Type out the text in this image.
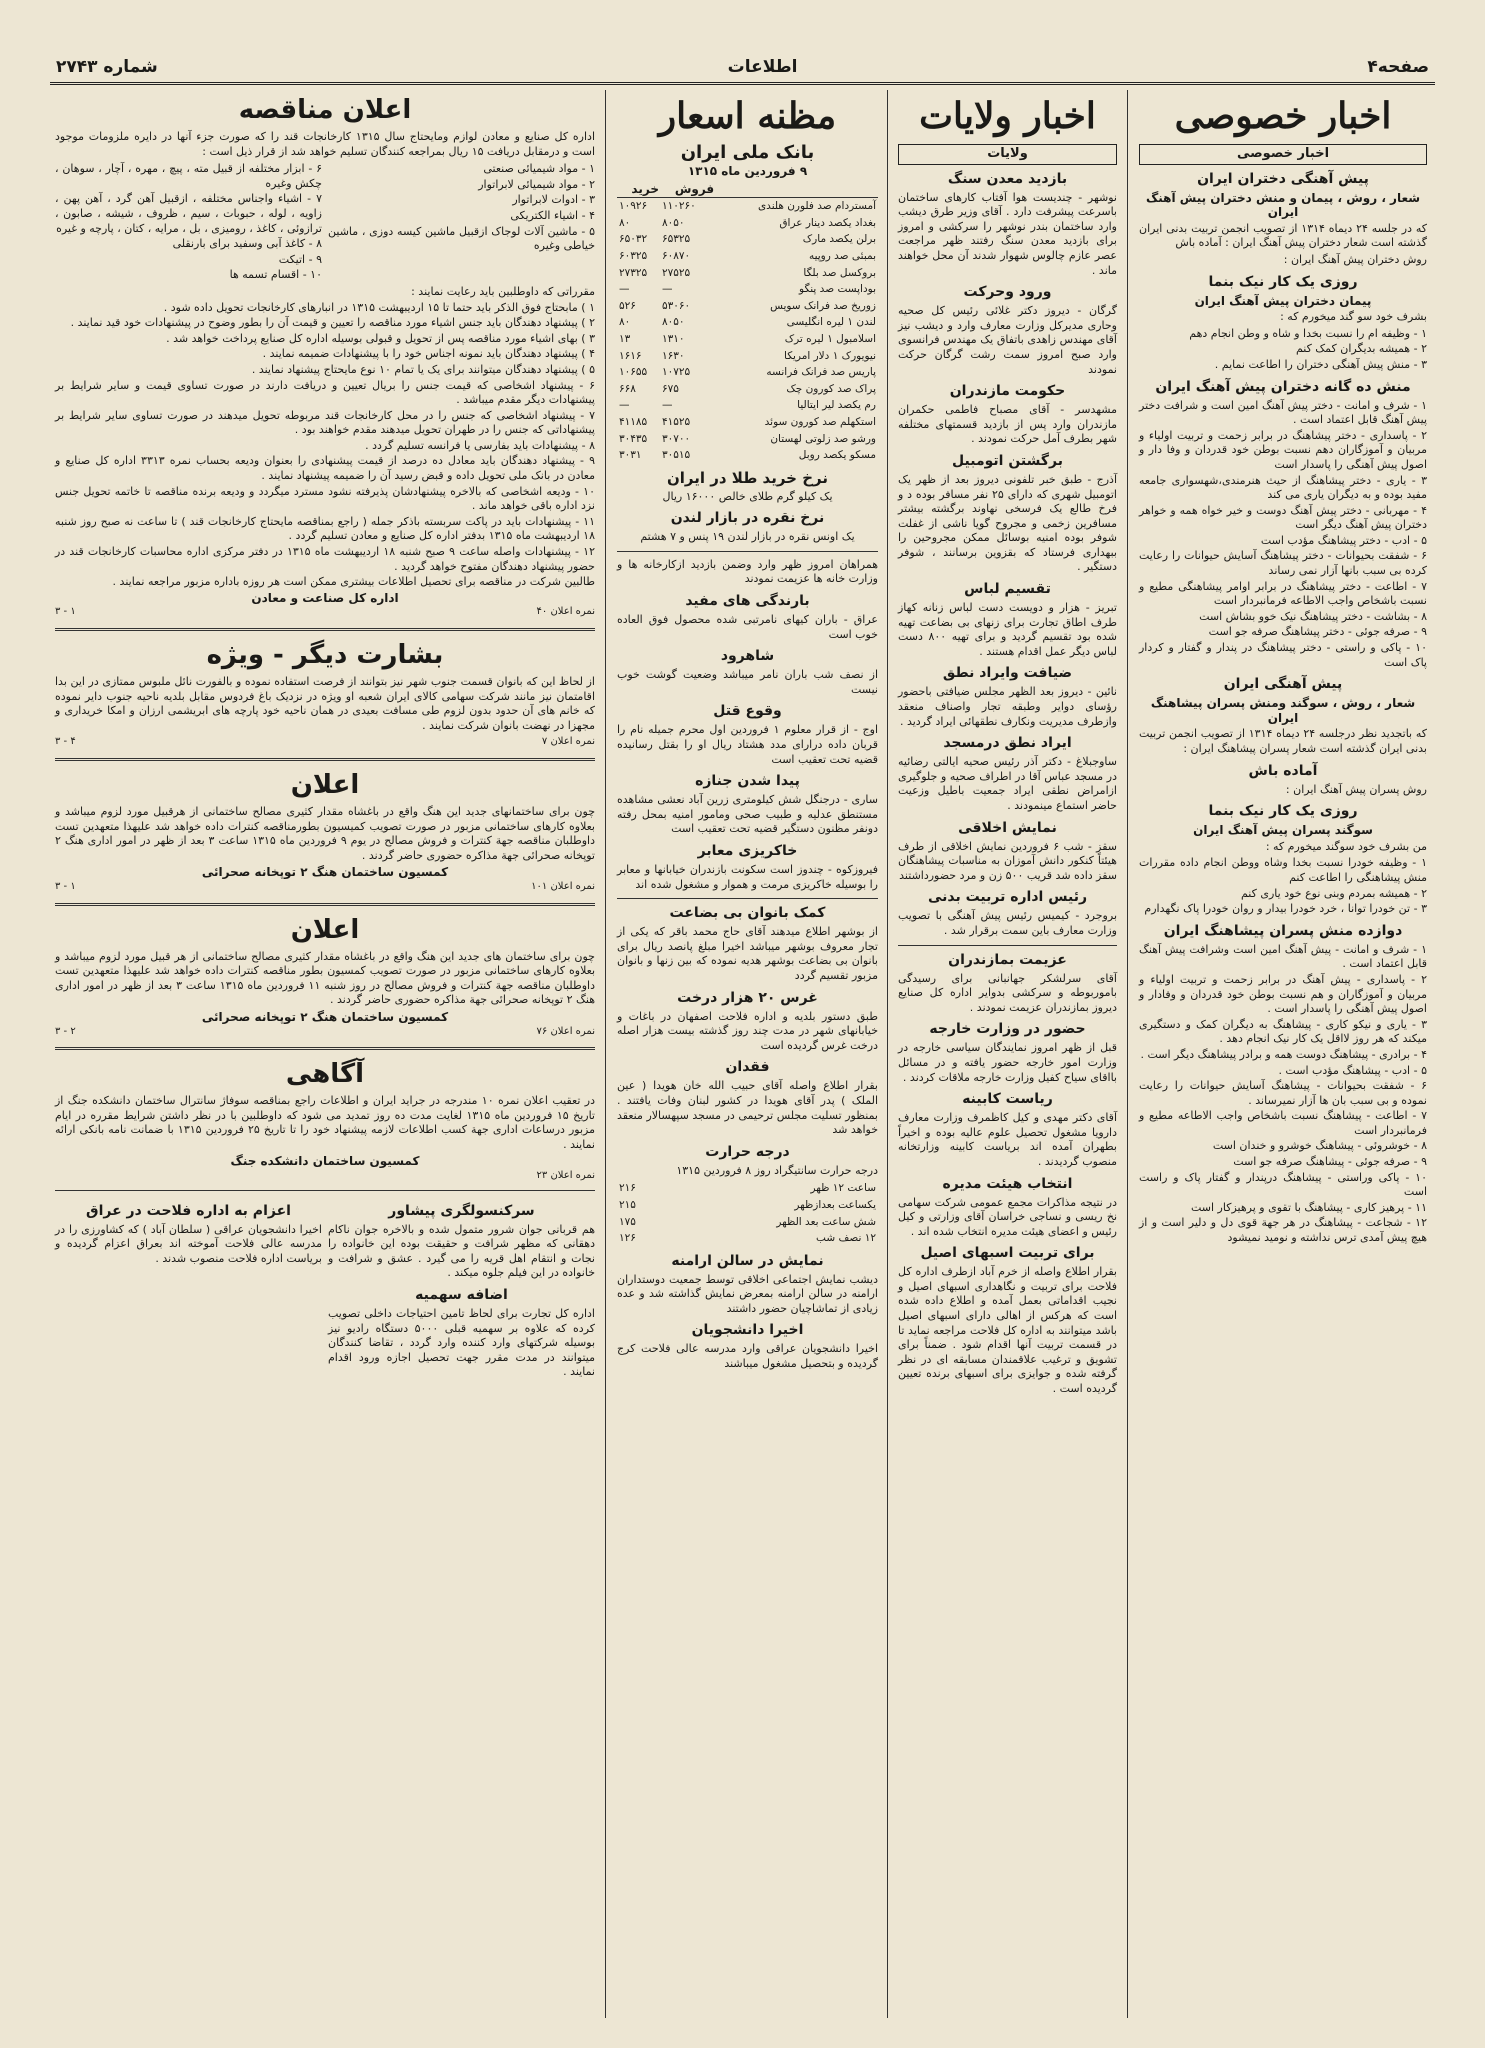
صفحه۴
اطلاعات
شماره ۲۷۴۳
اخبار خصوصی
اخبار خصوصی
پیش آهنگی دختران ایران
شعار ، روش ، پیمان و منش دختران پیش آهنگ ایران

که در جلسه ۲۴ دیماه ۱۳۱۴ از تصویب انجمن تربیت بدنی ایران گذشته است شعار دختران پیش آهنگ ایران : آماده باش

روش دختران پیش آهنگ ایران :

روزی یک کار نیک بنما
پیمان دختران پیش آهنگ ایران

بشرف خود سو گند میخورم که :

۱ - وظیفه ام را نسبت بخدا و شاه و وطن انجام دهم

۲ - همیشه بدیگران کمک کنم

۳ - منش پیش آهنگی دختران را اطاعت نمایم .

منش ده گانه دختران پیش آهنگ ایران

۱ - شرف و امانت - دختر پیش آهنگ امین است و شرافت دختر پیش آهنگ قابل اعتماد است .

۲ - پاسداری - دختر پیشاهنگ در برابر زحمت و تربیت اولیاء و مربیان و آموزگاران دهم نسبت بوطن خود قدردان و وفا دار و اصول پیش آهنگی را پاسدار است

۳ - یاری - دختر پیشاهنگ از حیث هنرمندی،شهسواری جامعه مفید بوده و به دیگران یاری می کند

۴ - مهربانی - دختر پیش آهنگ دوست و خیر خواه همه و خواهر دختران پیش آهنگ دیگر است

۵ - ادب - دختر پیشاهنگ مؤدب است

۶ - شفقت بحیوانات - دختر پیشاهنگ آسایش حیوانات را رعایت کرده بی سبب بانها آزار نمی رساند

۷ - اطاعت - دختر پیشاهنگ در برابر اوامر پیشاهنگی مطیع و نسبت باشخاص واجب الاطاعه فرمانبردار است

۸ - بشاشت - دختر پیشاهنگ نیک خوو بشاش است

۹ - صرفه جوئی - دختر پیشاهنگ صرفه جو است

۱۰ - پاکی و راستی - دختر پیشاهنگ در پندار و گفتار و کردار پاک است

پیش آهنگی ایران
شعار ، روش ، سوگند ومنش پسران پیشاهنگ ایران

که باتجدید نظر درجلسه ۲۴ دیماه ۱۳۱۴ از تصویب انجمن تربیت بدنی ایران گذشته است شعار پسران پیشاهنگ ایران :

آماده باش

روش پسران پیش آهنگ ایران :

روزی یک کار نیک بنما
سوگند پسران پیش آهنگ ایران

من بشرف خود سوگند میخورم که :

۱ - وظیفه خودرا نسبت بخدا وشاه ووطن انجام داده مقررات منش پیشاهنگی را اطاعت کنم

۲ - همیشه بمردم وبنی نوع خود یاری کنم

۳ - تن خودرا توانا ، خرد خودرا بیدار و روان خودرا پاک نگهدارم

دوازده منش پسران پیشاهنگ ایران

۱ - شرف و امانت - پیش آهنگ امین است وشرافت پیش آهنگ قابل اعتماد است .

۲ - پاسداری - پیش آهنگ در برابر زحمت و تربیت اولیاء و مربیان و آموزگاران و هم نسبت بوطن خود قدردان و وفادار و اصول پیش آهنگی را پاسدار است .

۳ - یاری و نیکو کاری - پیشاهنگ به دیگران کمک و دستگیری میکند که هر روز لااقل یک کار نیک انجام دهد .

۴ - برادری - پیشاهنگ دوست همه و برادر پیشاهنگ دیگر است .

۵ - ادب - پیشاهنگ مؤدب است .

۶ - شفقت بحیوانات - پیشاهنگ آسایش حیوانات را رعایت نموده و بی سبب بان ها آزار نمیرساند .

۷ - اطاعت - پیشاهنگ نسبت باشخاص واجب الاطاعه مطیع و فرمانبردار است

۸ - خوشروئی - پیشاهنگ خوشرو و خندان است

۹ - صرفه جوئی - پیشاهنگ صرفه جو است

۱۰ - پاکی وراستی - پیشاهنگ درپندار و گفتار پاک و راست است

۱۱ - پرهیز کاری - پیشاهنگ با تقوی و پرهیزکار است

۱۲ - شجاعت - پیشاهنگ در هر جهة قوی دل و دلیر است و از هیچ پیش آمدی ترس نداشته و نومید نمیشود

اخبار ولایات
ولایات
بازدید معدن سنگ

نوشهر - چندیست هوا آفتاب کارهای ساختمان باسرعت پیشرفت دارد . آقای وزیر طرق دیشب وارد ساختمان بندر نوشهر را سرکشی و امروز برای بازدید معدن سنگ رفتند ظهر مراجعت عصر عازم چالوس شهوار شدند آن محل خواهند ماند .

ورود وحرکت

گرگان - دیروز دکتر غلائی رئیس کل صحیه وحاری مدیرکل وزارت معارف وارد و دیشب نیز آقای مهندس زاهدی باتفاق یک مهندس فرانسوی وارد صبح امروز سمت رشت گرگان حرکت نمودند

حکومت مازندران

مشهدسر - آقای مصباح فاطمی حکمران مازندران وارد پس از بازدید قسمتهای مختلفه شهر بطرف آمل حرکت نمودند .

برگشتن اتومبیل

آذرج - طبق خبر تلفونی دیروز بعد از ظهر یک اتومبیل شهری که دارای ۲۵ نفر مسافر بوده د و فرخ طالع یک فرسخی نهاوند برگشته بیشتر مسافرین زخمی و مجروح گویا ناشی از غفلت شوفر بوده امنیه بوسائل ممکن مجروحین را ببهداری فرستاد که بقزوین برسانند ، شوفر دستگیر .

تقسیم لباس

تبریز - هزار و دویست دست لباس زنانه کهاز طرف اطاق تجارت برای زنهای بی بضاعت تهیه شده بود تقسیم گردید و برای تهیه ۸۰۰ دست لباس دیگر عمل اقدام هستند .

ضیافت وایراد نطق

نائین - دیروز بعد الظهر مجلس ضیافتی باحضور رؤسای دوایر وطبقه تجار واصناف منعقد وازطرف مدیریت ونکارف نطقهائی ایراد گردید .

ایراد نطق درمسجد

ساوجبلاغ - دکتر آذر رئیس صحیه ایالتی رضائیه در مسجد عباس آقا در اطراف صحیه و جلوگیری ازامراض نطقی ایراد جمعیت باطیل وزعیت حاضر استماع مینمودند .

نمایش اخلاقی

سقز - شب ۶ فروردین نمایش اخلاقی از طرف هیئتاً کنکور دانش آموزان به مناسبات پیشاهنگان سقز داده شد قریب ۵۰۰ زن و مرد حضورداشتند

رئیس اداره تربیت بدنی

بروجرد - کیمیس رئیس پیش آهنگی با تصویب وزارت معارف باین سمت برقرار شد .

عزیمت بمازندران

آقای سرلشکر جهانبانی برای رسیدگی باموربوطه و سرکشی بدوایر اداره کل صنایع دیروز بمازندران عزیمت نمودند .

حضور در وزارت خارجه

قبل از ظهر امروز نمایندگان سیاسی خارجه در وزارت امور خارجه حضور یافته و در مسائل بااقای سیاح کفیل وزارت خارجه ملاقات کردند .

ریاست کابینه

آقای دکتر مهدی و کیل کاظمرف وزارت معارف دارویا مشغول تحصیل علوم عالیه بوده و اخیراً بطهران آمده اند بریاست کابینه وزارتخانه منصوب گردیدند .

انتخاب هیئت مدیره

در نتیجه مذاکرات مجمع عمومی شرکت سهامی نخ ریسی و نساجی خراسان آقای وزارتی و کیل رئیس و اعضای هیئت مدیره انتخاب شده اند .

برای تربیت اسبهای اصیل

بقرار اطلاع واصله از خرم آباد ازطرف اداره کل فلاحت برای تربیت و نگاهداری اسبهای اصیل و نجیب اقداماتی بعمل آمده و اطلاع داده شده است که هرکس از اهالی دارای اسبهای اصیل باشد میتوانند به اداره کل فلاحت مراجعه نماید تا در قسمت تربیت آنها اقدام شود . ضمناً برای تشویق و ترغیب علاقمندان مسابقه ای در نظر گرفته شده و جوایزی برای اسبهای برنده تعیین گردیده است .

مظنه اسعار
بانک ملی ایران
۹ فروردین ماه ۱۳۱۵
	فروش	خرید
آمستردام صد فلورن هلندی	۱۱۰۲۶۰	۱۰۹۲۶
بغداد یکصد دینار عراق	۸۰۵۰	۸۰
برلن یکصد مارک	۶۵۳۲۵	۶۵۰۳۲
بمبئی صد روپیه	۶۰۸۷۰	۶۰۳۲۵
بروکسل صد بلگا	۲۷۵۲۵	۲۷۳۲۵
بوداپست صد پنگو	—	—
زوریخ صد فرانک سویس	۵۳۰۶۰	۵۲۶
لندن ۱ لیره انگلیسی	۸۰۵۰	۸۰
اسلامبول ۱ لیره ترک	۱۳۱۰	۱۳
نیویورک ۱ دلار امریکا	۱۶۳۰	۱۶۱۶
پاریس صد فرانک فرانسه	۱۰۷۲۵	۱۰۶۵۵
پراک صد کورون چک	۶۷۵	۶۶۸
رم یکصد لیر ایتالیا	—	—
استکهلم صد کورون سوئد	۴۱۵۲۵	۴۱۱۸۵
ورشو صد زلوتی لهستان	۳۰۷۰۰	۳۰۴۳۵
مسکو یکصد روبل	۳۰۵۱۵	۳۰۳۱
نرخ خرید طلا در ایران

یک کیلو گرم طلای خالص ۱۶۰۰۰ ریال

نرخ نقره در بازار لندن

یک اونس نقره در بازار لندن ۱۹ پنس و ۷ هشتم

همراهان امروز ظهر وارد وضمن بازدید ازکارخانه ها و وزارت خانه ها عزیمت نمودند

بارندگی های مفید

عراق - باران کیهای نامرتبی شده محصول فوق العاده خوب است

شاهرود

از نصف شب باران نامر میباشد وضعیت گوشت خوب نیست

وقوع قتل

اوج - از قرار معلوم ۱ فروردین اول محرم جمیله نام را قربان داده درارای مدد هشتاد ریال او را بقتل رسانیده قضیه تحت تعقیب است

پیدا شدن جنازه

ساری - درجنگل شش کیلومتری زرین آباد نعشی مشاهده مستنطق عدلیه و طبیب صحی ومامور امنیه بمحل رفته دونفر مظنون دستگیر قضیه تحت تعقیب است

خاکریزی معابر

فیروزکوه - چندوز است سکونت بازندران خیابانها و معابر را بوسیله خاکریزی مرمت و هموار و مشغول شده اند

کمک بانوان بی بضاعت

از بوشهر اطلاع میدهند آقای حاج محمد باقر که یکی از تجار معروف بوشهر میباشد اخیرا مبلغ پانصد ریال برای بانوان بی بضاعت بوشهر هدیه نموده که بین زنها و بانوان مزبور تقسیم گردد

غرس ۲۰ هزار درخت

طبق دستور بلدیه و اداره فلاحت اصفهان در باغات و خیابانهای شهر در مدت چند روز گذشته بیست هزار اصله درخت غرس گردیده است

فقدان

بقرار اطلاع واصله آقای حبیب الله خان هویدا ( عین الملک ) پدر آقای هویدا در کشور لبنان وفات یافتند . بمنظور تسلیت مجلس ترحیمی در مسجد سپهسالار منعقد خواهد شد

درجه حرارت

درجه حرارت سانتیگراد روز ۸ فروردین ۱۳۱۵

ساعت ۱۲ ظهر	۲۱۶
یکساعت بعدازظهر	۲۱۵
شش ساعت بعد الظهر	۱۷۵
۱۲ نصف شب	۱۲۶
نمایش در سالن ارامنه

دیشب نمایش اجتماعی اخلاقی توسط جمعیت دوستداران ارامنه در سالن ارامنه بمعرض نمایش گذاشته شد و عده زیادی از تماشاچیان حضور داشتند

اخیرا دانشجویان

اخیرا دانشجویان عراقی وارد مدرسه عالی فلاحت کرج گردیده و بتحصیل مشغول میباشند

اعلان مناقصه

اداره کل صنایع و معادن لوازم ومایحتاج سال ۱۳۱۵ کارخانجات قند را که صورت جزء آنها در دایره ملزومات موجود است و درمقابل دریافت ۱۵ ریال بمراجعه کنندگان تسلیم خواهد شد از قرار ذیل است :

۱ - مواد شیمیائی صنعتی

۲ - مواد شیمیائی لابراتوار

۳ - ادوات لابراتوار

۴ - اشیاء الکتریکی

۵ - ماشین آلات لوجاک ازقبیل ماشین کیسه دوزی ، ماشین خیاطی وغیره

۶ - ابزار مختلفه از قبیل مته ، پیچ ، مهره ، آچار ، سوهان ، چکش وغیره

۷ - اشیاء واجناس مختلفه ، ازقبیل آهن گرد ، آهن پهن ، زاویه ، لوله ، حبوبات ، سیم ، ظروف ، شیشه ، صابون ، ترازوئی ، کاغذ ، رومیزی ، بل ، مرایه ، کتان ، پارچه و غیره

۸ - کاغذ آبی وسفید برای بارنقلی

۹ - اتیکت

۱۰ - اقسام تسمه ها

مقرراتی که داوطلبین باید رعایت نمایند :

۱ ) مابحتاج فوق الذکر باید حتما تا ۱۵ اردیبهشت ۱۳۱۵ در انبارهای کارخانجات تحویل داده شود .

۲ ) پیشنهاد دهندگان باید جنس اشیاء مورد مناقصه را تعیین و قیمت آن را بطور وضوح در پیشنهادات خود قید نمایند .

۳ ) بهای اشیاء مورد مناقصه پس از تحویل و قبولی بوسیله اداره کل صنایع پرداخت خواهد شد .

۴ ) پیشنهاد دهندگان باید نمونه اجناس خود را با پیشنهادات ضمیمه نمایند .

۵ ) پیشنهاد دهندگان میتوانند برای یک یا تمام ۱۰ نوع مایحتاج پیشنهاد نمایند .

۶ - پیشنهاد اشخاصی که قیمت جنس را بریال تعیین و دریافت دارند در صورت تساوی قیمت و سایر شرایط بر پیشنهادات دیگر مقدم میباشد .

۷ - پیشنهاد اشخاصی که جنس را در محل کارخانجات قند مربوطه تحویل میدهند در صورت تساوی سایر شرایط بر پیشنهاداتی که جنس را در طهران تحویل میدهند مقدم خواهند بود .

۸ - پیشنهادات باید بفارسی یا فرانسه تسلیم گردد .

۹ - پیشنهاد دهندگان باید معادل ده درصد از قیمت پیشنهادی را بعنوان ودیعه بحساب نمره ۳۳۱۳ اداره کل صنایع و معادن در بانک ملی تحویل داده و قبض رسید آن را ضمیمه پیشنهاد نمایند .

۱۰ - ودیعه اشخاصی که بالاخره پیشنهادشان پذیرفته نشود مسترد میگردد و ودیعه برنده مناقصه تا خاتمه تحویل جنس نزد اداره باقی خواهد ماند .

۱۱ - پیشنهادات باید در پاکت سربسته باذکر جمله ( راجع بمناقصه مایحتاج کارخانجات قند ) تا ساعت نه صبح روز شنبه ۱۸ اردیبهشت ماه ۱۳۱۵ بدفتر اداره کل صنایع و معادن تسلیم گردد .

۱۲ - پیشنهادات واصله ساعت ۹ صبح شنبه ۱۸ اردیبهشت ماه ۱۳۱۵ در دفتر مرکزی اداره محاسبات کارخانجات قند در حضور پیشنهاد دهندگان مفتوح خواهد گردید .

طالبین شرکت در مناقصه برای تحصیل اطلاعات بیشتری ممکن است هر روزه باداره مزبور مراجعه نمایند .

اداره کل صناعت و معادن
نمره اعلان ۴۰
۱ - ۳
بشارت دیگر - ویژه

از لحاظ این که بانوان قسمت جنوب شهر نیز بتوانند از فرصت استفاده نموده و بالفورت نائل ملبوس ممتازی در این بدا اقامتمان نیز مانند شرکت سهامی کالای ایران شعبه او ویژه در نزدیک باغ فردوس مقابل بلدیه ناحیه جنوب دایر نموده که خانم های آن حدود بدون لزوم طی مسافت بعیدی در همان ناحیه خود پارچه های ابریشمی ارزان و امکا خریداری و مجهزا در نهضت بانوان شرکت نمایند .

نمره اعلان ۷
۴ - ۳
اعلان

چون برای ساختمانهای جدید این هنگ واقع در باغشاه مقدار کثیری مصالح ساختمانی از هرقبیل مورد لزوم میباشد و بعلاوه کارهای ساختمانی مزبور در صورت تصویب کمیسیون بطورمناقصه کنترات داده خواهد شد علیهذا متعهدین تست داوطلبان مناقصه جهة کنترات و فروش مصالح در یوم ۹ فروردین ماه ۱۳۱۵ ساعت ۳ بعد از ظهر در امور اداری هنگ ۲ توپخانه صحرائی جهة مذاکره حضوری حاضر گردند .

کمسیون ساختمان هنگ ۲ توپخانه صحرائی
نمره اعلان ۱۰۱
۱ - ۳
اعلان

چون برای ساختمان های جدید این هنگ واقع در باغشاه مقدار کثیری مصالح ساختمانی از هر قبیل مورد لزوم میباشد و بعلاوه کارهای ساختمانی مزبور در صورت تصویب کمسیون بطور مناقصه کنترات داده خواهد شد علیهذا متعهدین تست داوطلبان مناقصه جهة کنترات و فروش مصالح در روز شنبه ۱۱ فروردین ماه ۱۳۱۵ ساعت ۳ بعد از ظهر در امور اداری هنگ ۲ توپخانه صحرائی جهة مذاکره حضوری حاضر گردند .

کمسیون ساختمان هنگ ۲ توپخانه صحرائی
نمره اعلان ۷۶
۲ - ۳
آگاهی

در تعقیب اعلان نمره ۱۰ مندرجه در جراید ایران و اطلاعات راجع بمناقصه سوفاژ سانترال ساختمان دانشکده جنگ از تاریخ ۱۵ فروردین ماه ۱۳۱۵ لغایت مدت ده روز تمدید می شود که داوطلبین با در نظر داشتن شرایط مقرره در ایام مزبور درساعات اداری جهة کسب اطلاعات لازمه پیشنهاد خود را تا تاریخ ۲۵ فروردین ۱۳۱۵ با ضمانت نامه بانکی ارائه نمایند .

کمسیون ساختمان دانشکده جنگ
نمره اعلان ۲۳
سرکنسولگری پیشاور

هم قربانی جوان شرور متمول شده و بالاخره جوان ناکام دهقانی که مظهر شرافت و حقیقت بوده این خانواده را نجات و انتقام اهل قریه را می گیرد . عشق و شرافت و خانواده در این فیلم جلوه میکند .

اضافه سهمیه

اداره کل تجارت برای لحاظ تامین احتیاجات داخلی تصویب کرده که علاوه بر سهمیه قبلی ۵۰۰۰ دستگاه رادیو نیز بوسیله شرکتهای وارد کننده وارد گردد ، تقاضا کنندگان میتوانند در مدت مقرر جهت تحصیل اجازه ورود اقدام نمایند .

اعزام به اداره فلاحت در عراق

اخیرا دانشجویان عراقی ( سلطان آباد ) که کشاورزی را در مدرسه عالی فلاحت آموخته اند بعراق اعزام گردیده و بریاست اداره فلاحت منصوب شدند .
